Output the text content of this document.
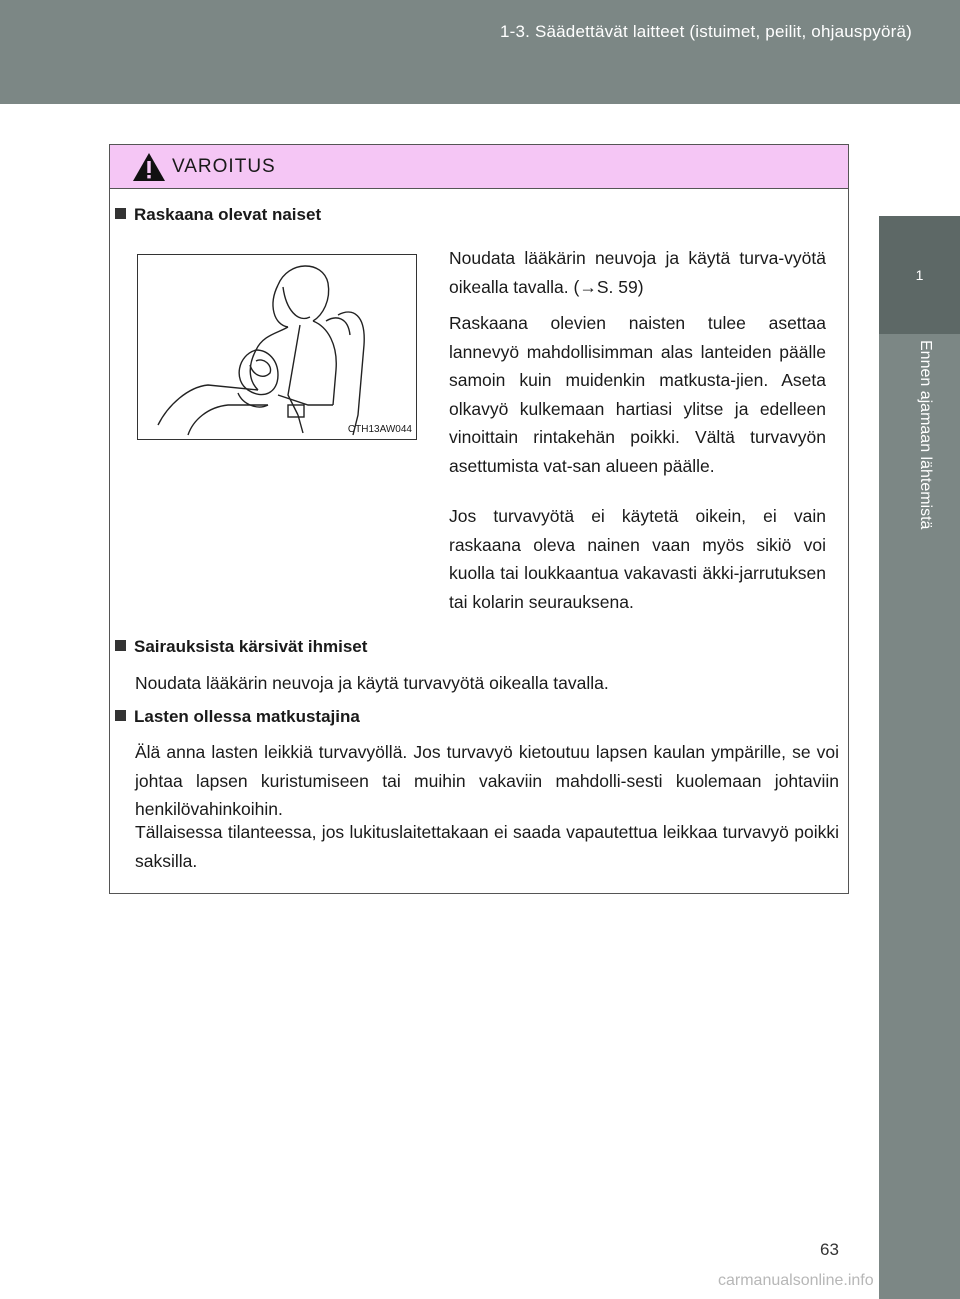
1-3. Säädettävät laitteet (istuimet, peilit, ohjauspyörä)
1
Ennen ajamaan lähtemistä
VAROITUS
Raskaana olevat naiset
CTH13AW044
Noudata lääkärin neuvoja ja käytä turva-vyötä oikealla tavalla. (→S. 59)
Raskaana olevien naisten tulee asettaa lannevyö mahdollisimman alas lanteiden päälle samoin kuin muidenkin matkusta-jien. Aseta olkavyö kulkemaan hartiasi ylitse ja edelleen vinoittain rintakehän poikki. Vältä turvavyön asettumista vat-san alueen päälle.
Jos turvavyötä ei käytetä oikein, ei vain raskaana oleva nainen vaan myös sikiö voi kuolla tai loukkaantua vakavasti äkki-jarrutuksen tai kolarin seurauksena.
Sairauksista kärsivät ihmiset
Noudata lääkärin neuvoja ja käytä turvavyötä oikealla tavalla.
Lasten ollessa matkustajina
Älä anna lasten leikkiä turvavyöllä. Jos turvavyö kietoutuu lapsen kaulan ympärille, se voi johtaa lapsen kuristumiseen tai muihin vakaviin mahdolli-sesti kuolemaan johtaviin henkilövahinkoihin.
Tällaisessa tilanteessa, jos lukituslaitettakaan ei saada vapautettua leikkaa turvavyö poikki saksilla.
63
carmanualsonline.info
